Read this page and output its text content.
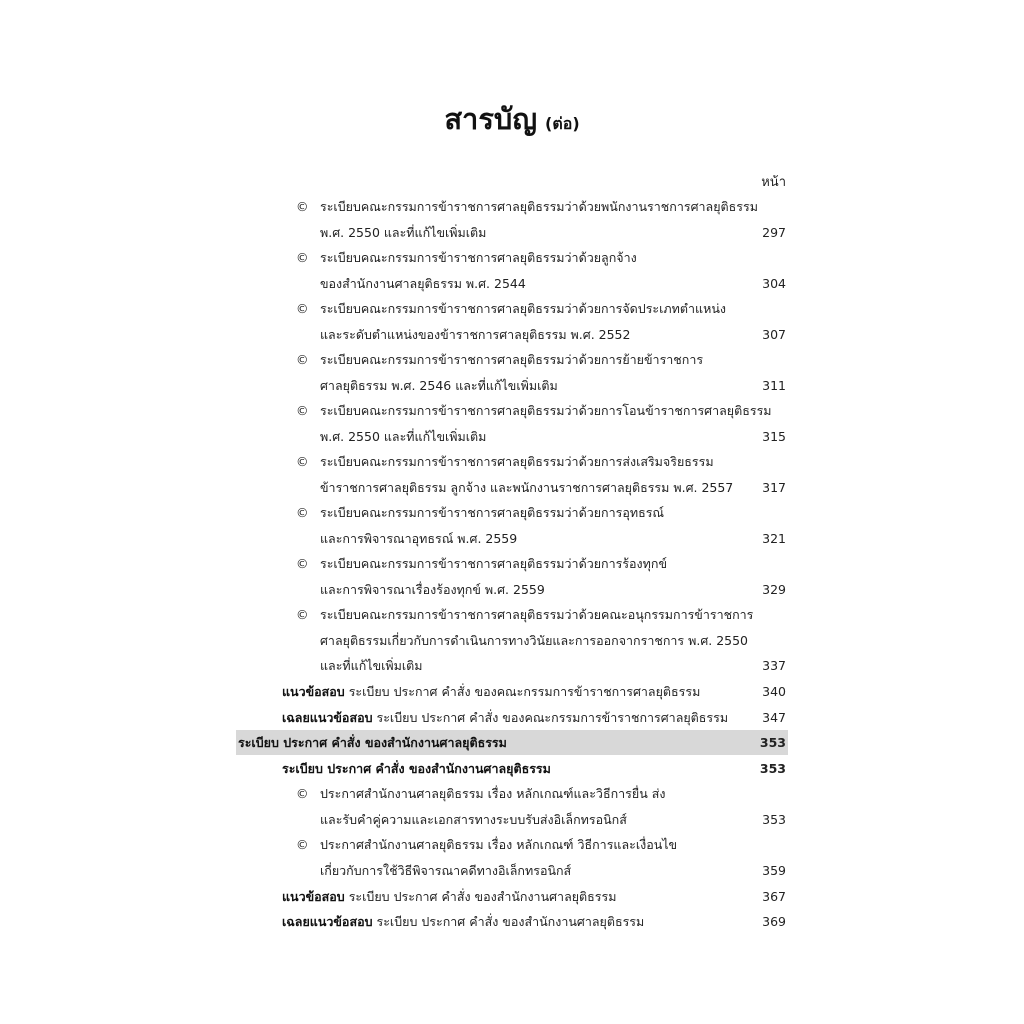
สารบัญ (ต่อ)
หน้า
© ระเบียบคณะกรรมการข้าราชการศาลยุติธรรมว่าด้วยพนักงานราชการศาลยุติธรรม
พ.ศ. 2550 และที่แก้ไขเพิ่มเติม	297
© ระเบียบคณะกรรมการข้าราชการศาลยุติธรรมว่าด้วยลูกจ้าง
ของสำนักงานศาลยุติธรรม พ.ศ. 2544	304
© ระเบียบคณะกรรมการข้าราชการศาลยุติธรรมว่าด้วยการจัดประเภทตำแหน่ง
และระดับตำแหน่งของข้าราชการศาลยุติธรรม พ.ศ. 2552	307
© ระเบียบคณะกรรมการข้าราชการศาลยุติธรรมว่าด้วยการย้ายข้าราชการ
ศาลยุติธรรม พ.ศ. 2546 และที่แก้ไขเพิ่มเติม	311
© ระเบียบคณะกรรมการข้าราชการศาลยุติธรรมว่าด้วยการโอนข้าราชการศาลยุติธรรม
พ.ศ. 2550 และที่แก้ไขเพิ่มเติม	315
© ระเบียบคณะกรรมการข้าราชการศาลยุติธรรมว่าด้วยการส่งเสริมจริยธรรม
ข้าราชการศาลยุติธรรม ลูกจ้าง และพนักงานราชการศาลยุติธรรม พ.ศ. 2557 317
© ระเบียบคณะกรรมการข้าราชการศาลยุติธรรมว่าด้วยการอุทธรณ์
และการพิจารณาอุทธรณ์ พ.ศ. 2559	321
© ระเบียบคณะกรรมการข้าราชการศาลยุติธรรมว่าด้วยการร้องทุกข์
และการพิจารณาเรื่องร้องทุกข์ พ.ศ. 2559	329
© ระเบียบคณะกรรมการข้าราชการศาลยุติธรรมว่าด้วยคณะอนุกรรมการข้าราชการ
ศาลยุติธรรมเกี่ยวกับการดำเนินการทางวินัยและการออกจากราชการ พ.ศ. 2550
และที่แก้ไขเพิ่มเติม	337
แนวข้อสอบ ระเบียบ ประกาศ คำสั่ง ของคณะกรรมการข้าราชการศาลยุติธรรม	340
เฉลยแนวข้อสอบ ระเบียบ ประกาศ คำสั่ง ของคณะกรรมการข้าราชการศาลยุติธรรม	347
ระเบียบ ประกาศ คำสั่ง ของสำนักงานศาลยุติธรรม	353
ระเบียบ ประกาศ คำสั่ง ของสำนักงานศาลยุติธรรม	353
© ประกาศสำนักงานศาลยุติธรรม เรื่อง หลักเกณฑ์และวิธีการยื่น ส่ง
และรับคำคู่ความและเอกสารทางระบบรับส่งอิเล็กทรอนิกส์	353
© ประกาศสำนักงานศาลยุติธรรม เรื่อง หลักเกณฑ์ วิธีการและเงื่อนไข
เกี่ยวกับการใช้วิธีพิจารณาคดีทางอิเล็กทรอนิกส์	359
แนวข้อสอบ ระเบียบ ประกาศ คำสั่ง ของสำนักงานศาลยุติธรรม	367
เฉลยแนวข้อสอบ ระเบียบ ประกาศ คำสั่ง ของสำนักงานศาลยุติธรรม	369
